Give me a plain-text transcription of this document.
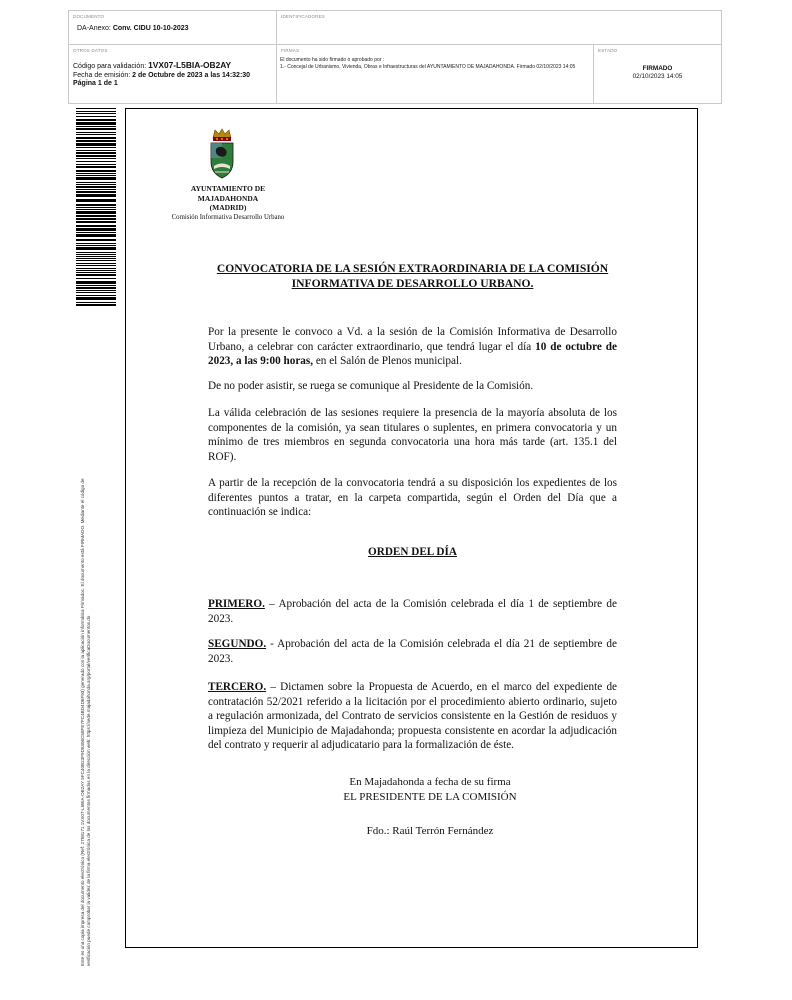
DOCUMENTO
DA-Anexo: Conv. CIDU 10-10-2023
IDENTIFICADORES
OTROS DATOS
Código para validación: 1VX07-L5BIA-OB2AY
Fecha de emisión: 2 de Octubre de 2023 a las 14:32:30
Página 1 de 1
FIRMAS
El documento ha sido firmado o aprobado por :
1.- Concejal de Urbanismo, Vivienda, Obras e Infraestructuras del AYUNTAMIENTO DE MAJADAHONDA. Firmado 02/10/2023 14:05
ESTADO
FIRMADO
02/10/2023 14:05
Este es una copia impresa del documento electrónico (Ref: 2758171 1VX07-L5BIA-OB2AY 5FC40B23F9D5356C58FE7FC4BD4D6F93) generado con la aplicación informática Firmadoc. El documento está FIRMADO. Mediante el código de verificación puede comprobar la validez de la firma electrónica de los documentos firmados en la dirección web: https://sede.majadahonda.org/portal/verificaDocumentos.do
AYUNTAMIENTO DE
MAJADAHONDA
(MADRID)
Comisión Informativa Desarrollo Urbano
CONVOCATORIA DE LA SESIÓN EXTRAORDINARIA DE LA COMISIÓN INFORMATIVA DE DESARROLLO URBANO.
Por la presente le convoco a Vd. a la sesión de la Comisión Informativa de Desarrollo Urbano, a celebrar con carácter extraordinario, que tendrá lugar el día 10 de octubre de 2023, a las 9:00 horas, en el Salón de Plenos municipal.
De no poder asistir, se ruega se comunique al Presidente de la Comisión.
La válida celebración de las sesiones requiere la presencia de la mayoría absoluta de los componentes de la comisión, ya sean titulares o suplentes, en primera convocatoria y un mínimo de tres miembros en segunda convocatoria una hora más tarde (art. 135.1 del ROF).
A partir de la recepción de la convocatoria tendrá a su disposición los expedientes de los diferentes puntos a tratar, en la carpeta compartida, según el Orden del Día que a continuación se indica:
ORDEN DEL DÍA
PRIMERO. – Aprobación del acta de la Comisión celebrada el día 1 de septiembre de 2023.
SEGUNDO. - Aprobación del acta de la Comisión celebrada el día 21 de septiembre de 2023.
TERCERO. – Dictamen sobre la Propuesta de Acuerdo, en el marco del expediente de contratación 52/2021 referido a la licitación por el procedimiento abierto ordinario, sujeto a regulación armonizada, del Contrato de servicios consistente en la Gestión de residuos y limpieza del Municipio de Majadahonda; propuesta consistente en acordar la adjudicación del contrato y requerir al adjudicatario para la formalización de éste.
En Majadahonda a fecha de su firma
EL PRESIDENTE DE LA COMISIÓN
Fdo.: Raúl Terrón Fernández
